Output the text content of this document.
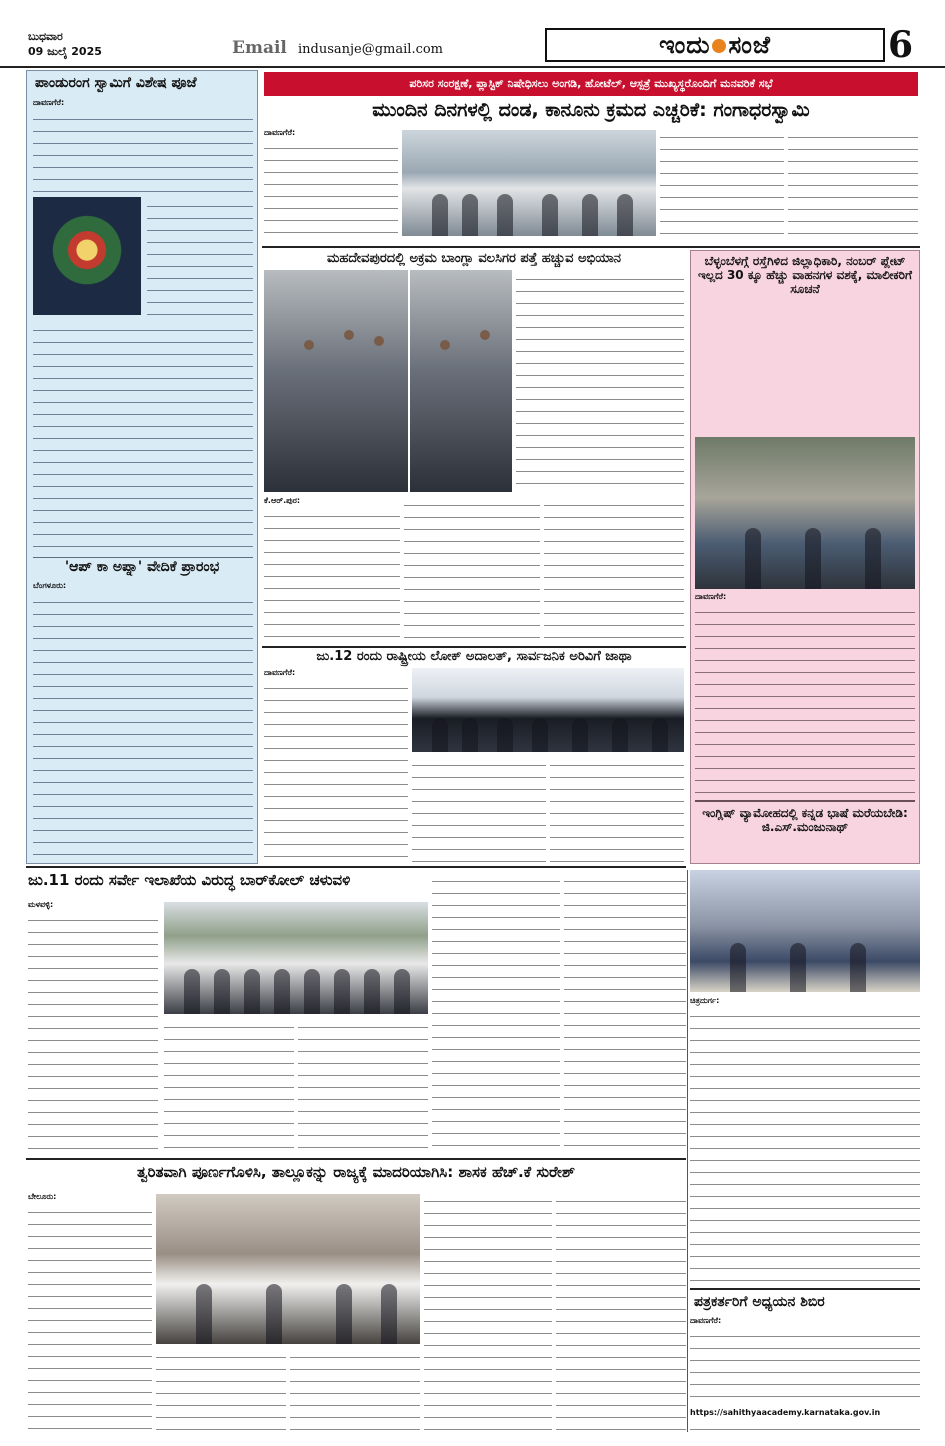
ಬುಧವಾರ
09 ಜುಲೈ 2025	Email indusanje@gmail.com	ಇಂದು ಸಂಜೆ	6
ಪಾಂಡುರಂಗ ಸ್ವಾಮಿಗೆ ವಿಶೇಷ ಪೂಜೆ
ದಾವಣಗೆರೆ:
'ಆಪ್ ಕಾ ಅಪ್ನಾ' ವೇದಿಕೆ ಪ್ರಾರಂಭ
ಬೆಂಗಳೂರು:
ಪರಿಸರ ಸಂರಕ್ಷಣೆ, ಪ್ಲಾಸ್ಟಿಕ್ ನಿಷೇಧಿಸಲು ಅಂಗಡಿ, ಹೋಟೆಲ್, ಆಸ್ಪತ್ರೆ ಮುಖ್ಯಸ್ಥರೊಂದಿಗೆ ಮನವರಿಕೆ ಸಭೆ
ಮುಂದಿನ ದಿನಗಳಲ್ಲಿ ದಂಡ, ಕಾನೂನು ಕ್ರಮದ ಎಚ್ಚರಿಕೆ: ಗಂಗಾಧರಸ್ವಾಮಿ
ದಾವಣಗೆರೆ:
ಮಹದೇವಪುರದಲ್ಲಿ ಅಕ್ರಮ ಬಾಂಗ್ಲಾ ವಲಸಿಗರ ಪತ್ತೆ ಹಚ್ಚುವ ಅಭಿಯಾನ
ಕೆ.ಆರ್.ಪುರ:
ಜು.12 ರಂದು ರಾಷ್ಟ್ರೀಯ ಲೋಕ್ ಅದಾಲತ್, ಸಾರ್ವಜನಿಕ ಅರಿವಿಗೆ ಜಾಥಾ
ದಾವಣಗೆರೆ:
ಬೆಳ್ಳಂಬೆಳಗ್ಗೆ ರಸ್ತೆಗಿಳಿದ ಜಿಲ್ಲಾಧಿಕಾರಿ, ನಂಬರ್ ಪ್ಲೇಟ್ ಇಲ್ಲದ 30 ಕ್ಕೂ ಹೆಚ್ಚು ವಾಹನಗಳ ವಶಕ್ಕೆ, ಮಾಲೀಕರಿಗೆ ಸೂಚನೆ
ದಾವಣಗೆರೆ:
ಇಂಗ್ಲಿಷ್ ವ್ಯಾಮೋಹದಲ್ಲಿ ಕನ್ನಡ ಭಾಷೆ ಮರೆಯಬೇಡಿ: ಜಿ.ಎಸ್.ಮಂಜುನಾಥ್
ಜು.11 ರಂದು ಸರ್ವೇ ಇಲಾಖೆಯ ವಿರುದ್ಧ ಬಾರ್‌ಕೋಲ್ ಚಳುವಳಿ
ಮಳವಳ್ಳಿ:
ಚಿತ್ರದುರ್ಗ:
ಪತ್ರಕರ್ತರಿಗೆ ಅಧ್ಯಯನ ಶಿಬಿರ
ದಾವಣಗೆರೆ:
https://sahithyaacademy.karnataka.gov.in
ತ್ವರಿತವಾಗಿ ಪೂರ್ಣಗೊಳಿಸಿ, ತಾಲ್ಲೂಕನ್ನು ರಾಜ್ಯಕ್ಕೆ ಮಾದರಿಯಾಗಿಸಿ: ಶಾಸಕ ಹೆಚ್.ಕೆ ಸುರೇಶ್
ಬೇಲೂರು:
